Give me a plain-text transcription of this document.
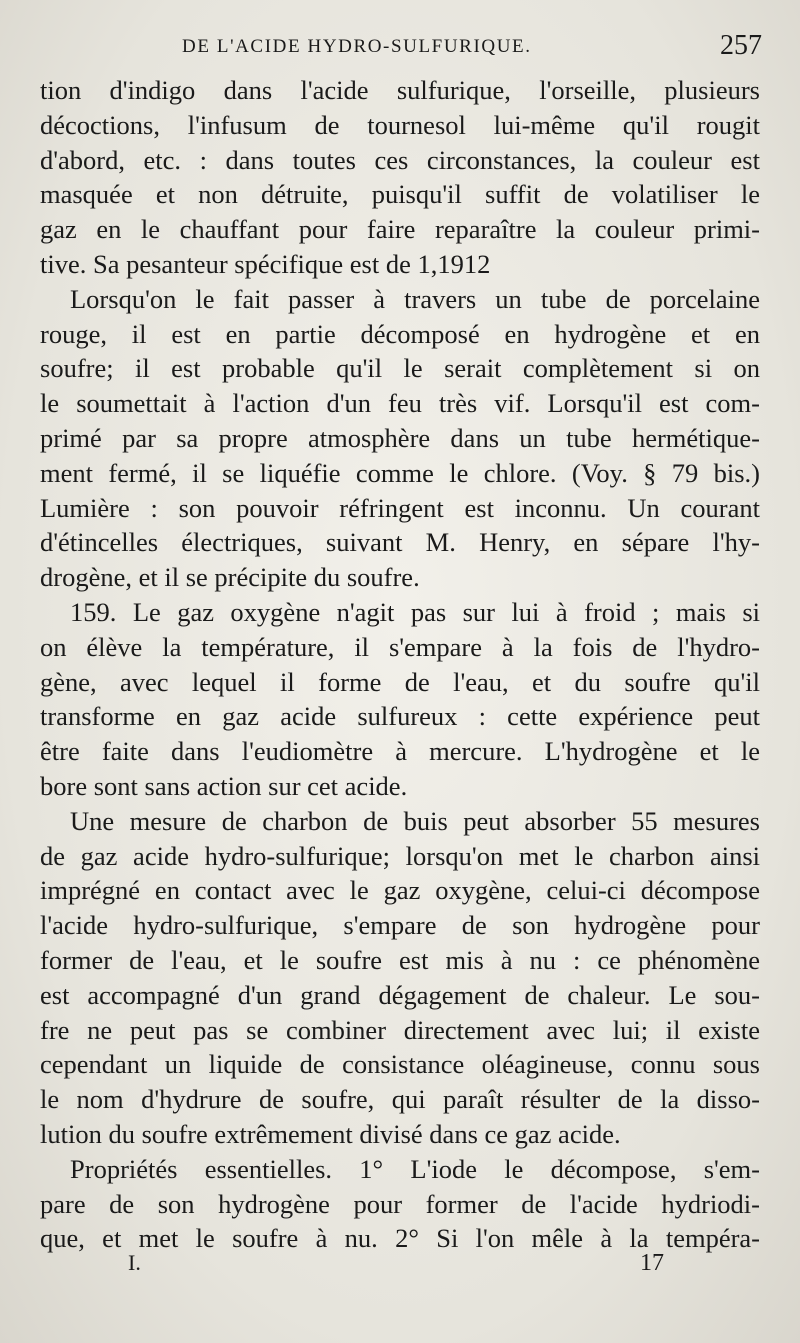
DE L'ACIDE HYDRO-SULFURIQUE.	257
tion d'indigo dans l'acide sulfurique, l'orseille, plusieurs
décoctions, l'infusum de tournesol lui-même qu'il rougit
d'abord, etc. : dans toutes ces circonstances, la couleur est
masquée et non détruite, puisqu'il suffit de volatiliser le
gaz en le chauffant pour faire reparaître la couleur primi-
tive. Sa pesanteur spécifique est de 1,1912
Lorsqu'on le fait passer à travers un tube de porcelaine
rouge, il est en partie décomposé en hydrogène et en
soufre; il est probable qu'il le serait complètement si on
le soumettait à l'action d'un feu très vif. Lorsqu'il est com-
primé par sa propre atmosphère dans un tube hermétique-
ment fermé, il se liquéfie comme le chlore. (Voy. § 79 bis.)
Lumière : son pouvoir réfringent est inconnu. Un courant
d'étincelles électriques, suivant M. Henry, en sépare l'hy-
drogène, et il se précipite du soufre.
159. Le gaz oxygène n'agit pas sur lui à froid ; mais si
on élève la température, il s'empare à la fois de l'hydro-
gène, avec lequel il forme de l'eau, et du soufre qu'il
transforme en gaz acide sulfureux : cette expérience peut
être faite dans l'eudiomètre à mercure. L'hydrogène et le
bore sont sans action sur cet acide.
Une mesure de charbon de buis peut absorber 55 mesures
de gaz acide hydro-sulfurique; lorsqu'on met le charbon ainsi
imprégné en contact avec le gaz oxygène, celui-ci décompose
l'acide hydro-sulfurique, s'empare de son hydrogène pour
former de l'eau, et le soufre est mis à nu : ce phénomène
est accompagné d'un grand dégagement de chaleur. Le sou-
fre ne peut pas se combiner directement avec lui; il existe
cependant un liquide de consistance oléagineuse, connu sous
le nom d'hydrure de soufre, qui paraît résulter de la disso-
lution du soufre extrêmement divisé dans ce gaz acide.
Propriétés essentielles. 1° L'iode le décompose, s'em-
pare de son hydrogène pour former de l'acide hydriodi-
que, et met le soufre à nu. 2° Si l'on mêle à la tempéra-
I.	17
